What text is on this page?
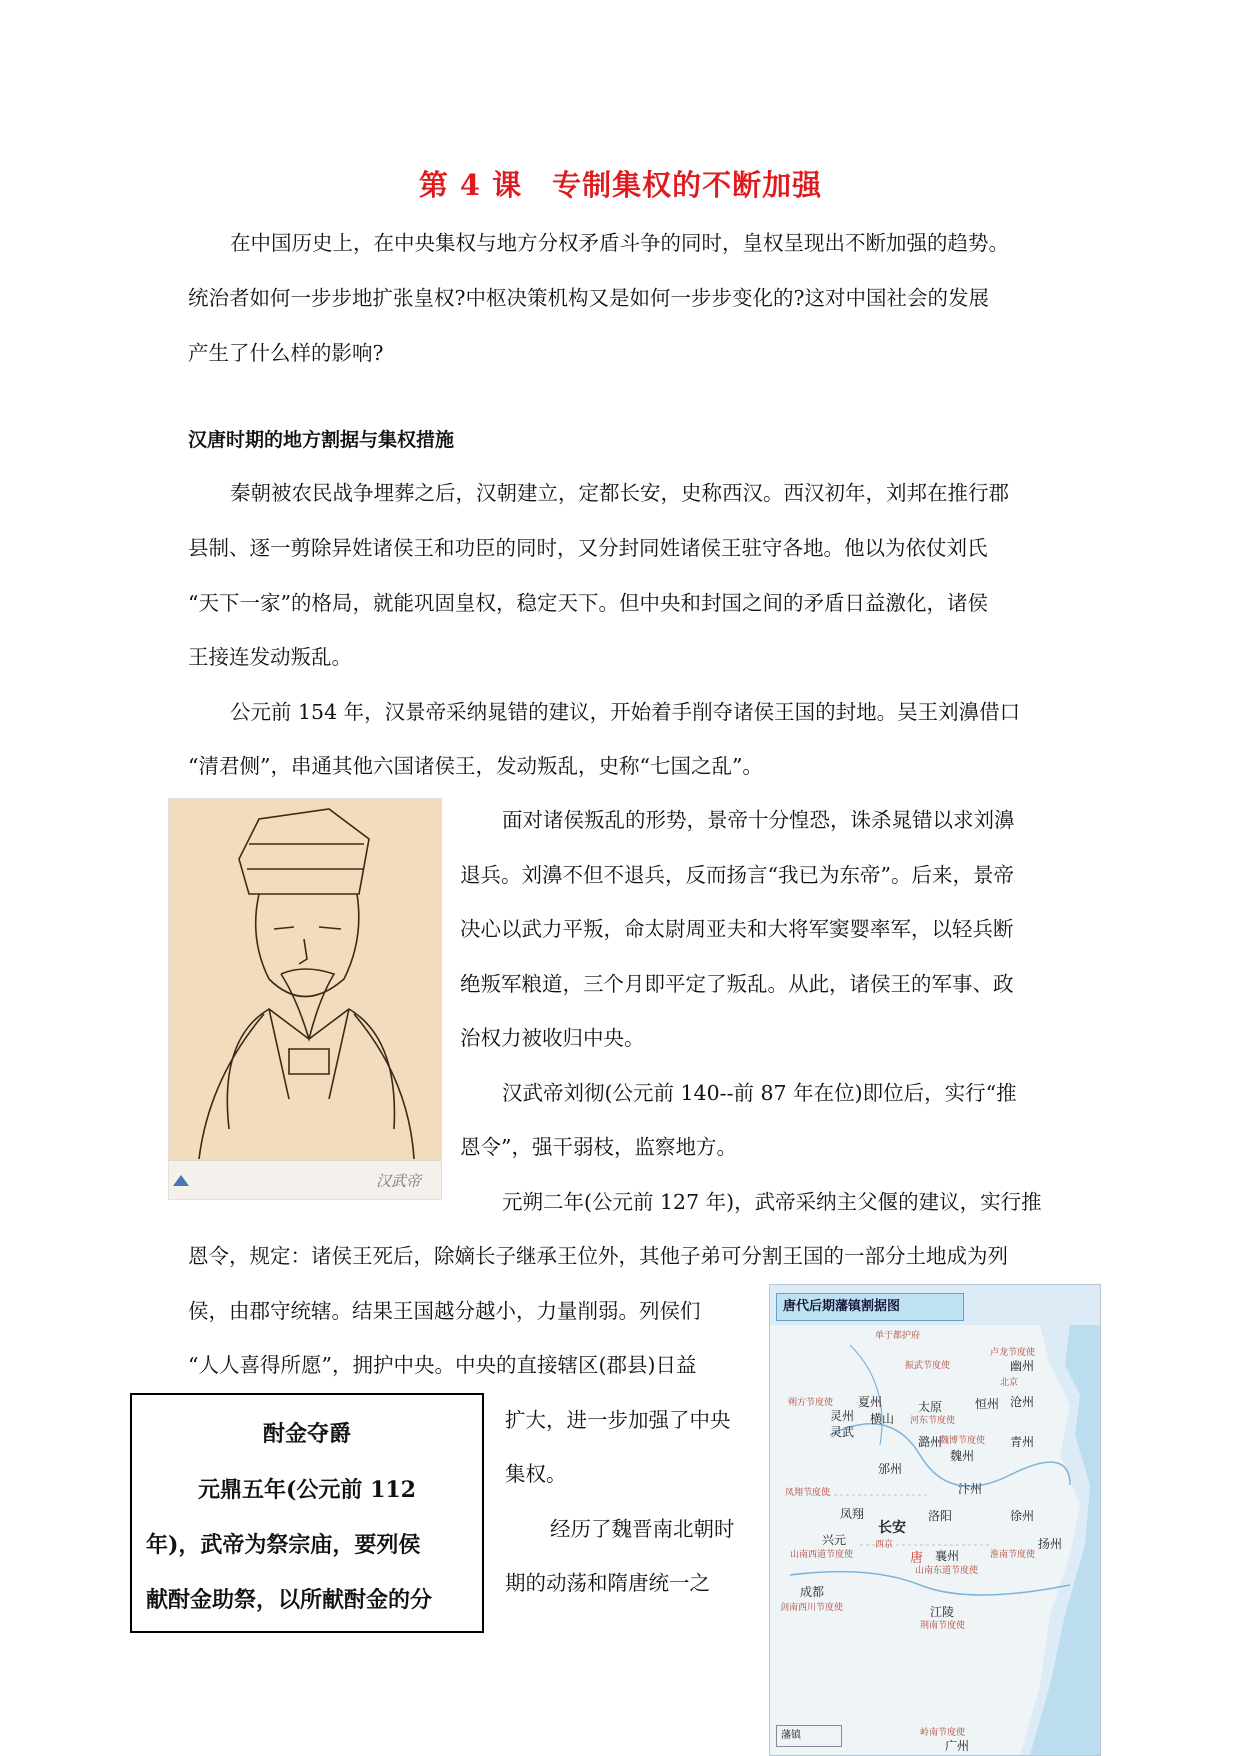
第 4 课　专制集权的不断加强
在中国历史上，在中央集权与地方分权矛盾斗争的同时，皇权呈现出不断加强的趋势。
统治者如何一步步地扩张皇权?中枢决策机构又是如何一步步变化的?这对中国社会的发展
产生了什么样的影响?
汉唐时期的地方割据与集权措施
秦朝被农民战争埋葬之后，汉朝建立，定都长安，史称西汉。西汉初年，刘邦在推行郡
县制、逐一剪除异姓诸侯王和功臣的同时，又分封同姓诸侯王驻守各地。他以为依仗刘氏
“天下一家”的格局，就能巩固皇权，稳定天下。但中央和封国之间的矛盾日益激化，诸侯
王接连发动叛乱。
公元前 154 年，汉景帝采纳晁错的建议，开始着手削夺诸侯王国的封地。吴王刘濞借口
“清君侧”，串通其他六国诸侯王，发动叛乱，史称“七国之乱”。
汉武帝
面对诸侯叛乱的形势，景帝十分惶恐，诛杀晁错以求刘濞
退兵。刘濞不但不退兵，反而扬言“我已为东帝”。后来，景帝
决心以武力平叛，命太尉周亚夫和大将军窦婴率军，以轻兵断
绝叛军粮道，三个月即平定了叛乱。从此，诸侯王的军事、政
治权力被收归中央。
汉武帝刘彻(公元前 140--前 87 年在位)即位后，实行“推
恩令”，强干弱枝，监察地方。
元朔二年(公元前 127 年)，武帝采纳主父偃的建议，实行推
恩令，规定：诸侯王死后，除嫡长子继承王位外，其他子弟可分割王国的一部分土地成为列
侯，由郡守统辖。结果王国越分越小，力量削弱。列侯们
“人人喜得所愿”，拥护中央。中央的直接辖区(郡县)日益
扩大，进一步加强了中央
集权。
经历了魏晋南北朝时
期的动荡和隋唐统一之
酎金夺爵
元鼎五年(公元前 112
年)，武帝为祭宗庙，要列侯
献酎金助祭，以所献酎金的分
唐代后期藩镇割据图
单于都护府
振武节度使
卢龙节度使
幽州
北京
朔方节度使 夏州
灵州
灵武
太原
河东节度使
横山
恒州 沧州
潞州
魏博节度使
魏州
青州
凤翔节度使
凤翔
邠州
汴州
洛阳	徐州
长安
西京
兴元
山南西道节度使	唐 襄州
山南东道节度使
淮南节度使
扬州
成都
剑南西川节度使	江陵
荆南节度使
岭南节度使
广州
藩镇
